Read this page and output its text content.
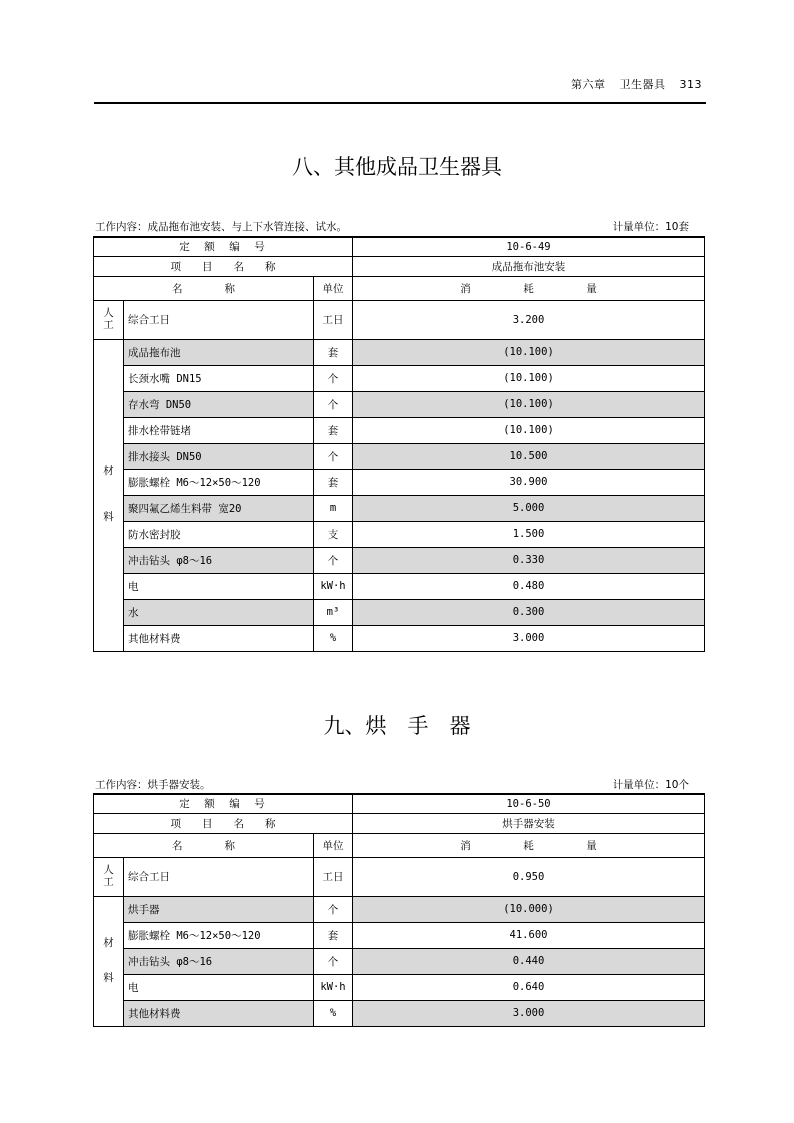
第六章 卫生器具 313
八、其他成品卫生器具
工作内容：成品拖布池安装、与上下水管连接、试水。	计量单位：10套
定　额　编　号			10-6-49
项　　目　　名　　称			成品拖布池安装
名　　　　称		单位	消　　　　　耗　　　　　量
人
工	综合工日	工日	3.200
材

料	成品拖布池	套	(10.100)
	长颈水嘴 DN15	个	(10.100)
	存水弯 DN50	个	(10.100)
	排水栓带链堵	套	(10.100)
	排水接头 DN50	个	10.500
	膨胀螺栓 M6～12×50～120	套	30.900
	聚四氟乙烯生料带 宽20	m	5.000
	防水密封胶	支	1.500
	冲击钻头 φ8～16	个	0.330
	电	kW·h	0.480
	水	m³	0.300
	其他材料费	%	3.000
九、烘　手　器
工作内容：烘手器安装。	计量单位：10个
定　额　编　号			10-6-50
项　　目　　名　　称			烘手器安装
名　　　　称		单位	消　　　　　耗　　　　　量
人
工	综合工日	工日	0.950
材

料	烘手器	个	(10.000)
	膨胀螺栓 M6～12×50～120	套	41.600
	冲击钻头 φ8～16	个	0.440
	电	kW·h	0.640
	其他材料费	%	3.000
